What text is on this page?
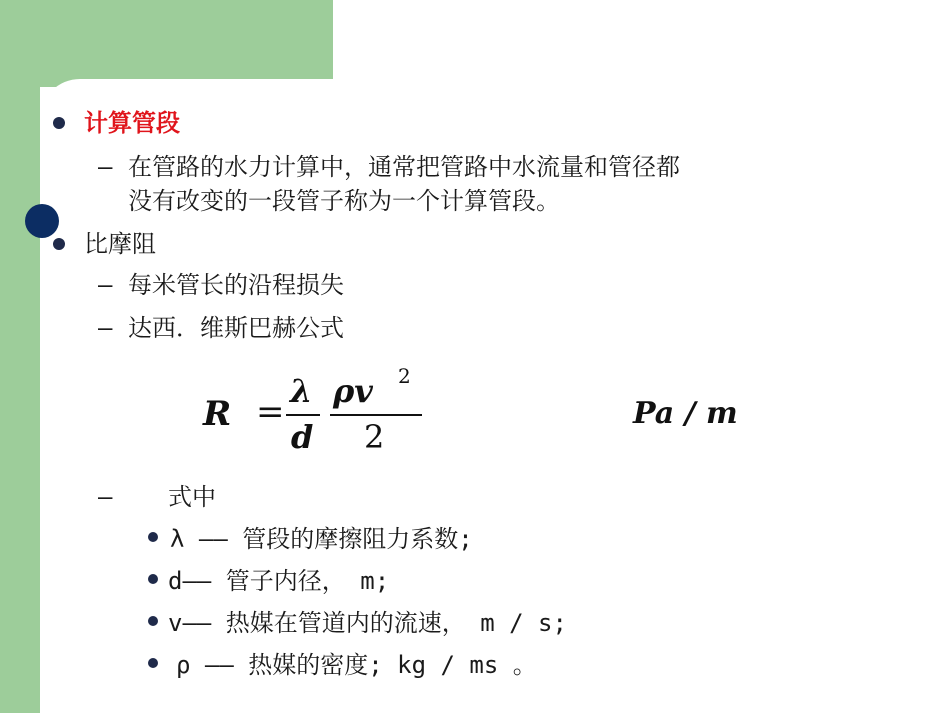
计算管段
– 在管路的水力计算中，通常把管路中水流量和管径都
没有改变的一段管子称为一个计算管段。
比摩阻
– 每米管长的沿程损失
– 达西．维斯巴赫公式
R =
λ
d
ρv 2
2
Pa / m
– 式中
λ —— 管段的摩擦阻力系数;
d—— 管子内径， m;
v—— 热媒在管道内的流速， m / s;
ρ —— 热媒的密度; kg / ms 。
